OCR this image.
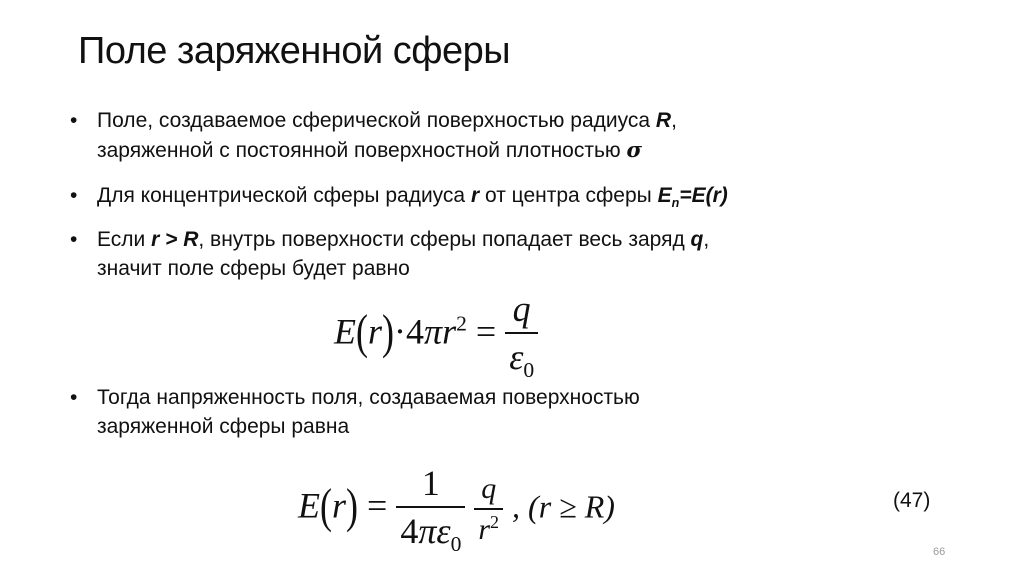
Поле заряженной сферы
• Поле, создаваемое сферической поверхностью радиуса R,
заряженной с постоянной поверхностной плотностью σ
• Для концентрической сферы радиуса r от центра сферы $E_n=E(r)$
• Если r > R, внутрь поверхности сферы попадает весь заряд q,
значит поле сферы будет равно
$E(r)\cdot 4\pi r^2 = \frac{q}{\varepsilon_0}$
• Тогда напряженность поля, создаваемая поверхностью
заряженной сферы равна
$E(r) = \frac{1}{4\pi\varepsilon_0}$
$\frac{q}{r^2}$ , (r ≥ R)	(47)
66
